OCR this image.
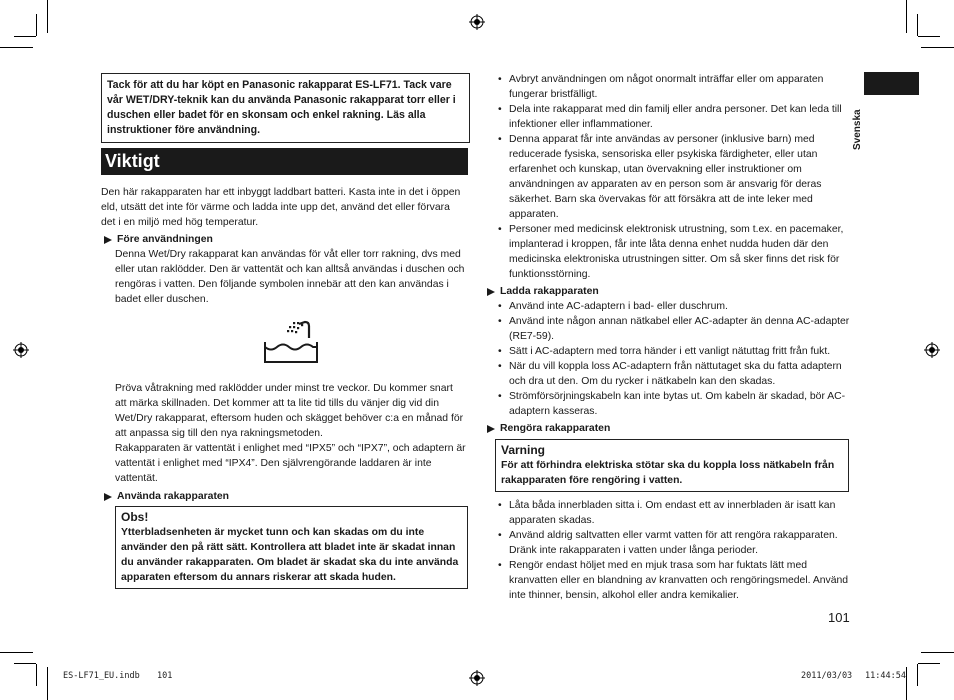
Tack för att du har köpt en Panasonic rakapparat ES-LF71. Tack vare vår WET/DRY-teknik kan du använda Panasonic rakapparat torr eller i duschen eller badet för en skonsam och enkel rakning. Läs alla instruktioner före användning.
Viktigt
Den här rakapparaten har ett inbyggt laddbart batteri. Kasta inte in det i öppen eld, utsätt det inte för värme och ladda inte upp det, använd det eller förvara det i en miljö med hög temperatur.
Före användningen
Denna Wet/Dry rakapparat kan användas för våt eller torr rakning, dvs med eller utan raklödder. Den är vattentät och kan alltså användas i duschen och rengöras i vatten. Den följande symbolen innebär att den kan användas i badet eller duschen.
Pröva våtrakning med raklödder under minst tre veckor. Du kommer snart att märka skillnaden. Det kommer att ta lite tid tills du vänjer dig vid din Wet/Dry rakapparat, eftersom huden och skägget behöver c:a en månad för att anpassa sig till den nya rakningsmetoden.
Rakapparaten är vattentät i enlighet med “IPX5” och “IPX7”, och adaptern är vattentät i enlighet med “IPX4”. Den självrengörande laddaren är inte vattentät.
Använda rakapparaten
Obs!
Ytterbladsenheten är mycket tunn och kan skadas om du inte använder den på rätt sätt. Kontrollera att bladet inte är skadat innan du använder rakapparaten. Om bladet är skadat ska du inte använda apparaten eftersom du annars riskerar att skada huden.
• Avbryt användningen om något onormalt inträffar eller om apparaten fungerar bristfälligt.
• Dela inte rakapparat med din familj eller andra personer. Det kan leda till infektioner eller inflammationer.
• Denna apparat får inte användas av personer (inklusive barn) med reducerade fysiska, sensoriska eller psykiska färdigheter, eller utan erfarenhet och kunskap, utan övervakning eller instruktioner om användningen av apparaten av en person som är ansvarig för deras säkerhet. Barn ska övervakas för att försäkra att de inte leker med apparaten.
• Personer med medicinsk elektronisk utrustning, som t.ex. en pacemaker, implanterad i kroppen, får inte låta denna enhet nudda huden där den medicinska elektroniska utrustningen sitter. Om så sker finns det risk för funktionsstörning.
Ladda rakapparaten
• Använd inte AC-adaptern i bad- eller duschrum.
• Använd inte någon annan nätkabel eller AC-adapter än denna AC-adapter (RE7-59).
• Sätt i AC-adaptern med torra händer i ett vanligt nätuttag fritt från fukt.
• När du vill koppla loss AC-adaptern från nättutaget ska du fatta adaptern och dra ut den. Om du rycker i nätkabeln kan den skadas.
• Strömförsörjningskabeln kan inte bytas ut. Om kabeln är skadad, bör AC-adaptern kasseras.
Rengöra rakapparaten
Varning
För att förhindra elektriska stötar ska du koppla loss nätkabeln från rakapparaten före rengöring i vatten.
• Låta båda innerbladen sitta i. Om endast ett av innerbladen är isatt kan apparaten skadas.
• Använd aldrig saltvatten eller varmt vatten för att rengöra rakapparaten. Dränk inte rakapparaten i vatten under långa perioder.
• Rengör endast höljet med en mjuk trasa som har fuktats lätt med kranvatten eller en blandning av kranvatten och rengöringsmedel. Använd inte thinner, bensin, alkohol eller andra kemikalier.
Svenska
101
ES-LF71_EU.indb 101	2011/03/03 11:44:54
